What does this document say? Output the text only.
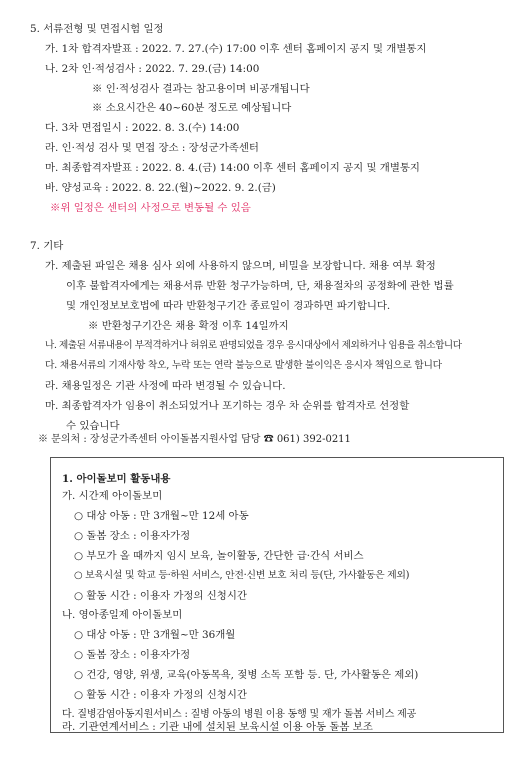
5. 서류전형 및 면접시험 일정
가. 1차 합격자발표 : 2022. 7. 27.(수) 17:00 이후 센터 홈페이지 공지 및 개별통지
나. 2차 인·적성검사 : 2022. 7. 29.(금) 14:00
※ 인·적성검사 결과는 참고용이며 비공개됩니다
※ 소요시간은 40~60분 정도로 예상됩니다
다. 3차 면접일시 : 2022. 8. 3.(수) 14:00
라. 인·적성 검사 및 면접 장소 : 장성군가족센터
마. 최종합격자발표 : 2022. 8. 4.(금) 14:00 이후 센터 홈페이지 공지 및 개별통지
바. 양성교육 : 2022. 8. 22.(월)~2022. 9. 2.(금)
※위 일정은 센터의 사정으로 변동될 수 있음
7. 기타
가. 제출된 파일은 채용 심사 외에 사용하지 않으며, 비밀을 보장합니다. 채용 여부 확정
이후 불합격자에게는 채용서류 반환 청구가능하며, 단, 채용절차의 공정화에 관한 법률
및 개인정보보호법에 따라 반환청구기간 종료일이 경과하면 파기합니다.
※ 반환청구기간은 채용 확정 이후 14일까지
나. 제출된 서류내용이 부적격하거나 허위로 판명되었을 경우 응시대상에서 제외하거나 임용을 취소합니다
다. 채용서류의 기재사항 착오, 누락 또는 연락 불능으로 발생한 불이익은 응시자 책임으로 합니다
라. 채용일정은 기관 사정에 따라 변경될 수 있습니다.
마. 최종합격자가 임용이 취소되었거나 포기하는 경우 차 순위를 합격자로 선정할
수 있습니다
※ 문의처 : 장성군가족센터 아이돌봄지원사업 담당 ☎ 061) 392-0211
1. 아이돌보미 활동내용
가. 시간제 아이돌보미
○ 대상 아동 : 만 3개월~만 12세 아동
○ 돌봄 장소 : 이용자가정
○ 부모가 올 때까지 임시 보육, 놀이활동, 간단한 급·간식 서비스
○ 보육시설 및 학교 등·하원 서비스, 안전·신변 보호 처리 등(단, 가사활동은 제외)
○ 활동 시간 : 이용자 가정의 신청시간
나. 영아종일제 아이돌보미
○ 대상 아동 : 만 3개월~만 36개월
○ 돌봄 장소 : 이용자가정
○ 건강, 영양, 위생, 교육(아동목욕, 젖병 소독 포함 등. 단, 가사활동은 제외)
○ 활동 시간 : 이용자 가정의 신청시간
다. 질병감염아동지원서비스 : 질병 아동의 병원 이용 동행 및 재가 돌봄 서비스 제공
라. 기관연계서비스 : 기관 내에 설치된 보육시설 이용 아동 돌봄 보조
